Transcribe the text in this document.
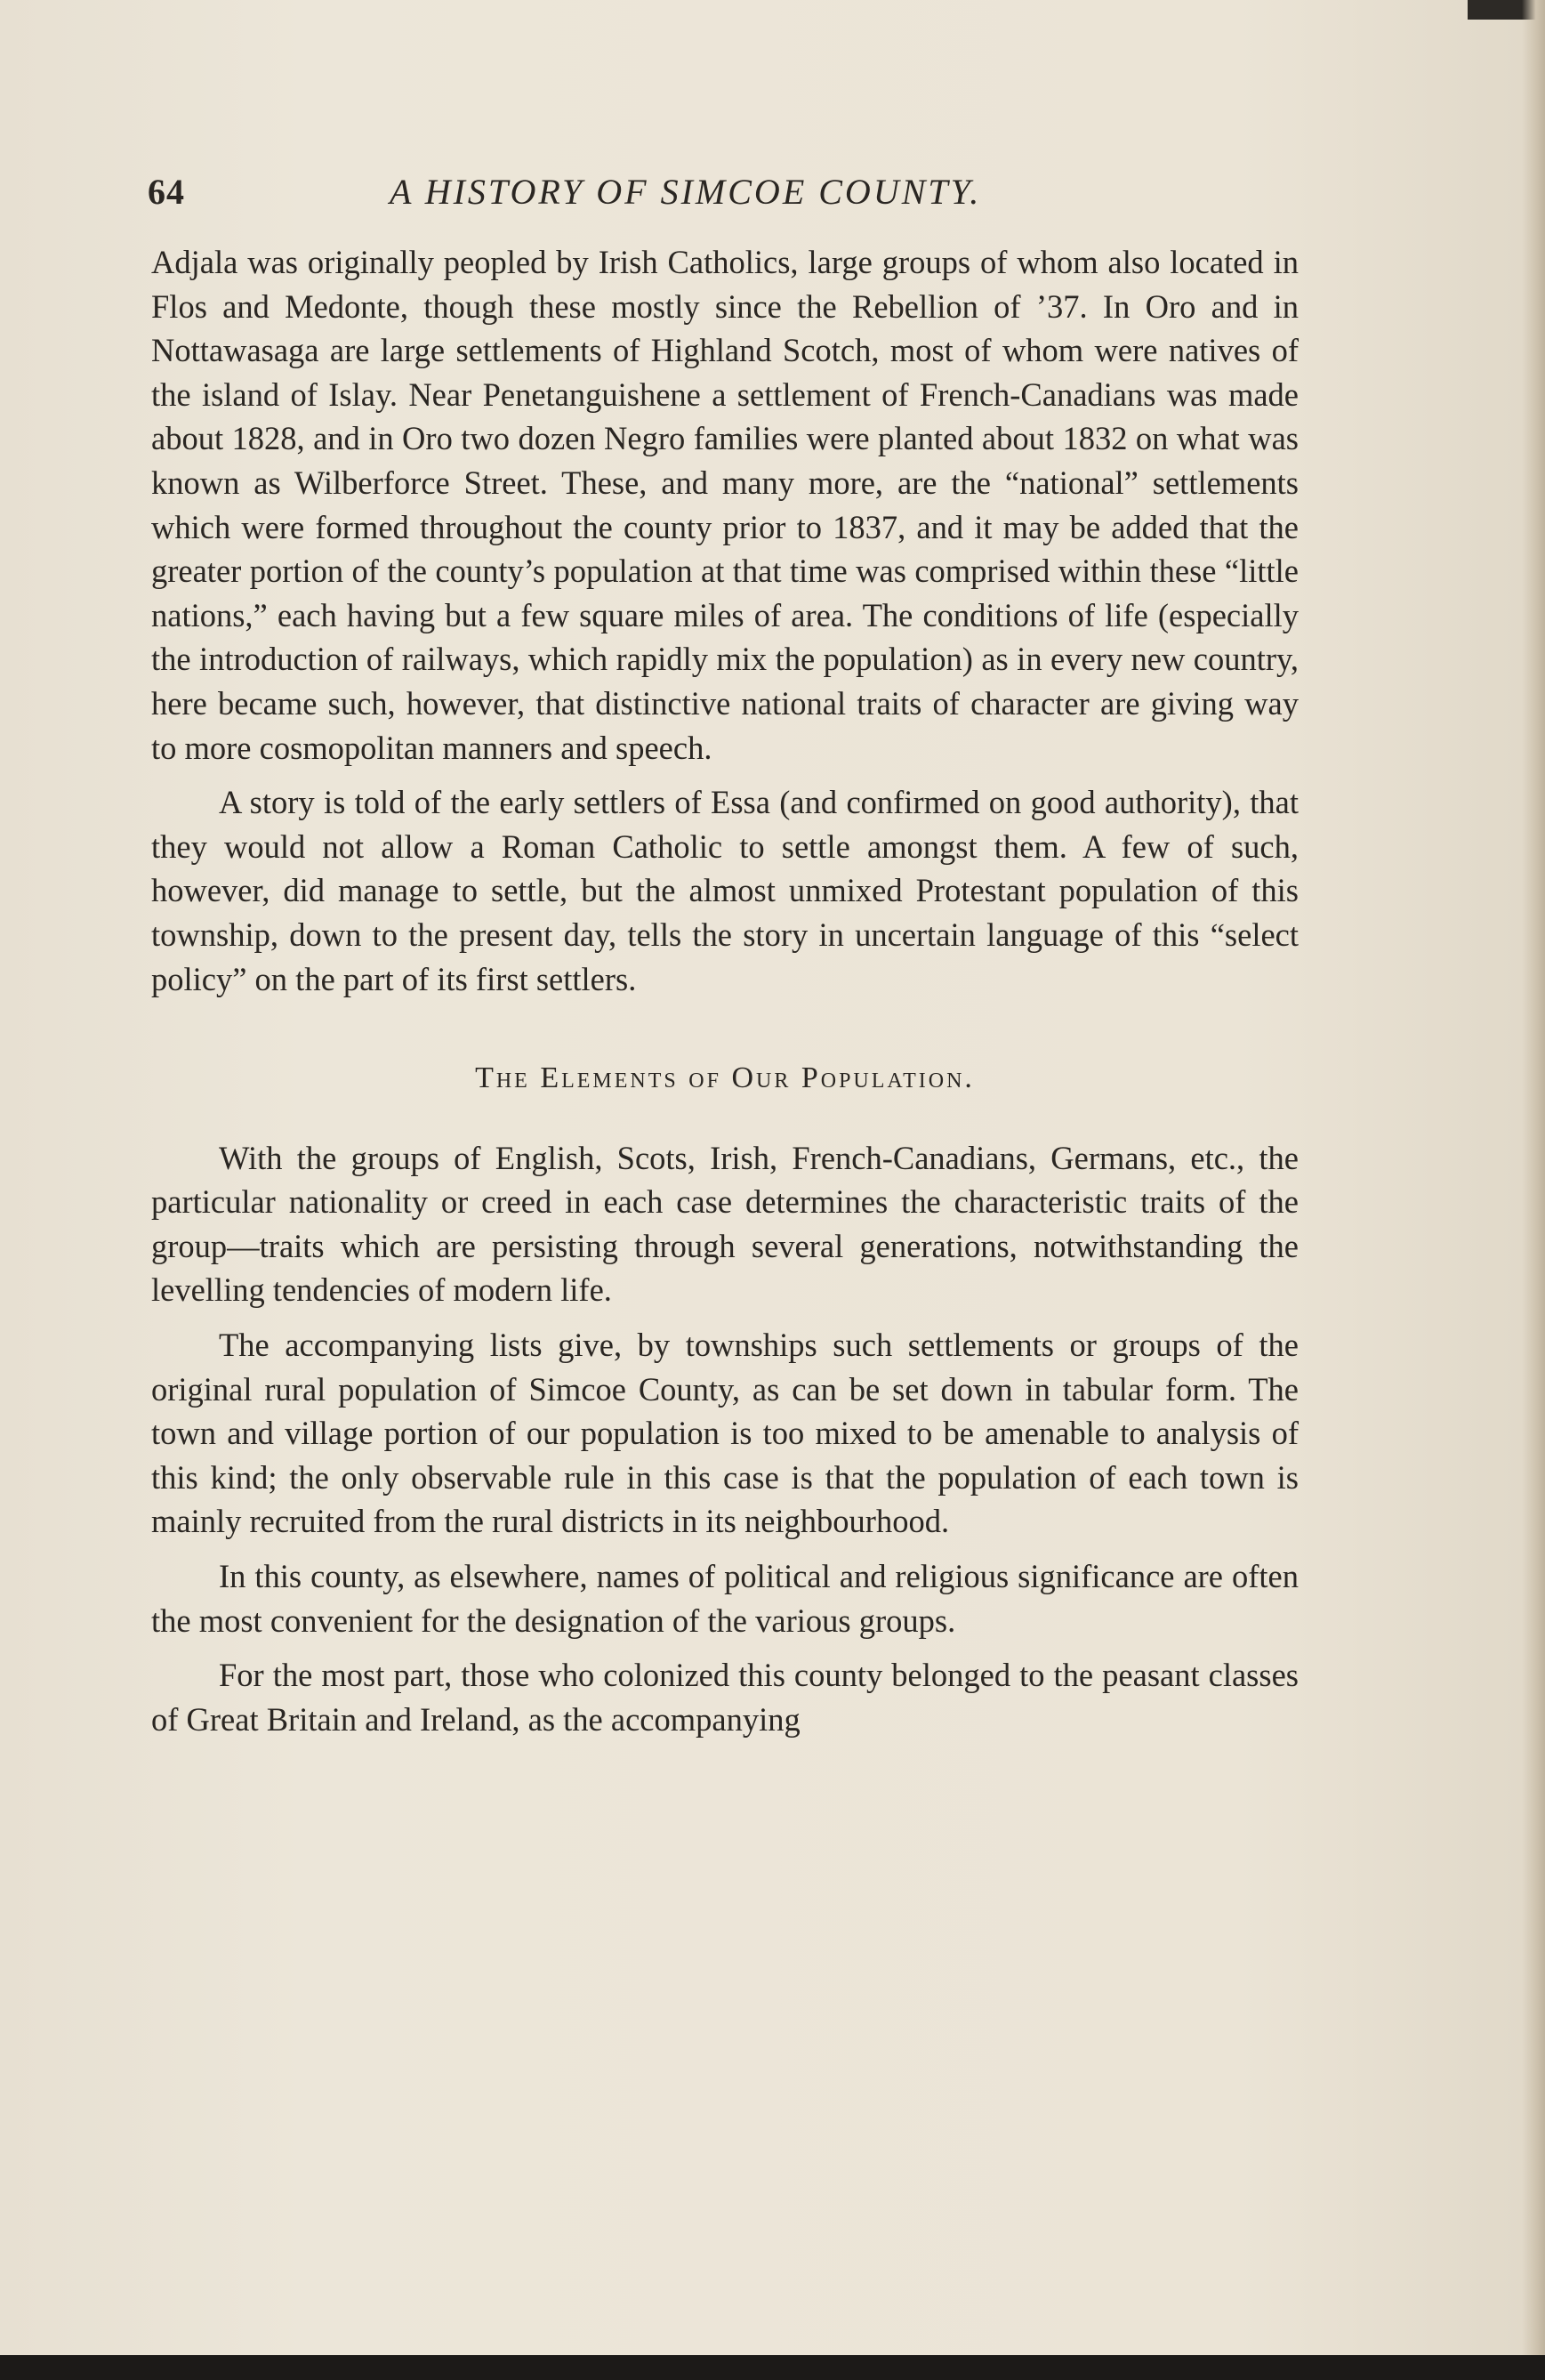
64	A HISTORY OF SIMCOE COUNTY.

Adjala was originally peopled by Irish Catholics, large groups of whom also located in Flos and Medonte, though these mostly since the Rebellion of ’37. In Oro and in Nottawasaga are large settlements of Highland Scotch, most of whom were natives of the island of Islay. Near Penetanguishene a settlement of French-Canadians was made about 1828, and in Oro two dozen Negro families were planted about 1832 on what was known as Wilberforce Street. These, and many more, are the “national” settlements which were formed throughout the county prior to 1837, and it may be added that the greater portion of the county’s population at that time was comprised within these “little nations,” each having but a few square miles of area. The conditions of life (especially the introduction of railways, which rapidly mix the population) as in every new country, here became such, however, that distinctive national traits of character are giving way to more cosmopolitan manners and speech.

A story is told of the early settlers of Essa (and confirmed on good authority), that they would not allow a Roman Catholic to settle amongst them. A few of such, however, did manage to settle, but the almost unmixed Protestant population of this township, down to the present day, tells the story in uncertain language of this “select policy” on the part of its first settlers.

The Elements of Our Population.

With the groups of English, Scots, Irish, French-Canadians, Germans, etc., the particular nationality or creed in each case determines the characteristic traits of the group—traits which are persisting through several generations, notwithstanding the levelling tendencies of modern life.

The accompanying lists give, by townships such settlements or groups of the original rural population of Simcoe County, as can be set down in tabular form. The town and village portion of our population is too mixed to be amenable to analysis of this kind; the only observable rule in this case is that the population of each town is mainly recruited from the rural districts in its neighbourhood.

In this county, as elsewhere, names of political and religious significance are often the most convenient for the designation of the various groups.

For the most part, those who colonized this county belonged to the peasant classes of Great Britain and Ireland, as the accompanying
